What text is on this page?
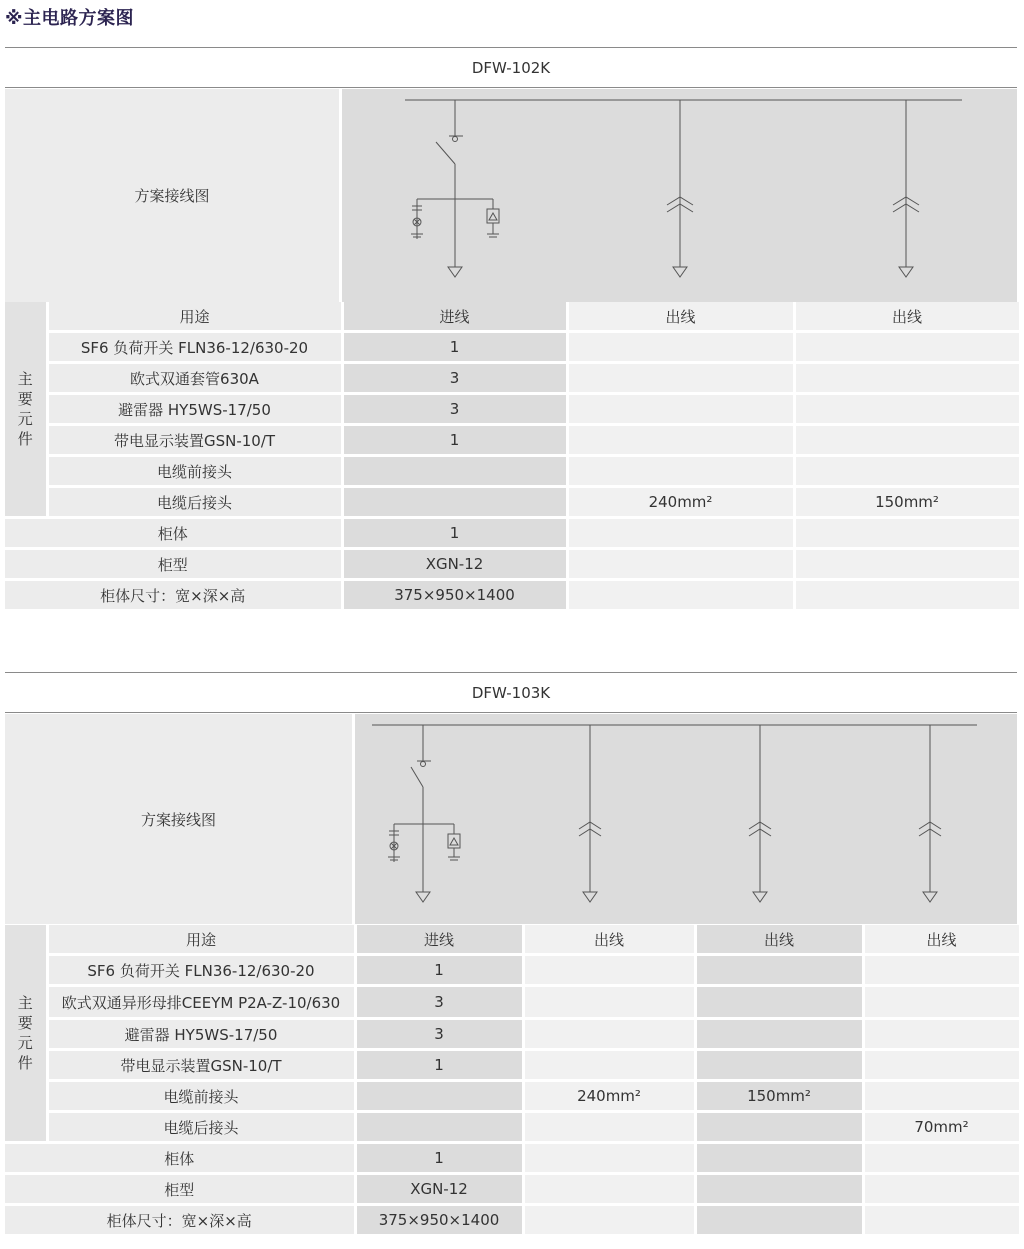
※主电路方案图
DFW-102K
方案接线图
主要元件	用途	进线	出线	出线
	SF6 负荷开关 FLN36-12/630-20	1		
	欧式双通套管630A	3		
	避雷器 HY5WS-17/50	3		
	带电显示装置GSN-10/T	1		
	电缆前接头			
	电缆后接头		240mm²	150mm²
柜体		1		
柜型		XGN-12		
柜体尺寸：宽×深×高		375×950×1400		
DFW-103K
方案接线图
主要元件	用途	进线	出线	出线	出线
	SF6 负荷开关 FLN36-12/630-20	1			
	欧式双通异形母排CEEYM P2A-Z-10/630	3			
	避雷器 HY5WS-17/50	3			
	带电显示装置GSN-10/T	1			
	电缆前接头		240mm²	150mm²	
	电缆后接头				70mm²
柜体		1			
柜型		XGN-12			
柜体尺寸：宽×深×高		375×950×1400			
